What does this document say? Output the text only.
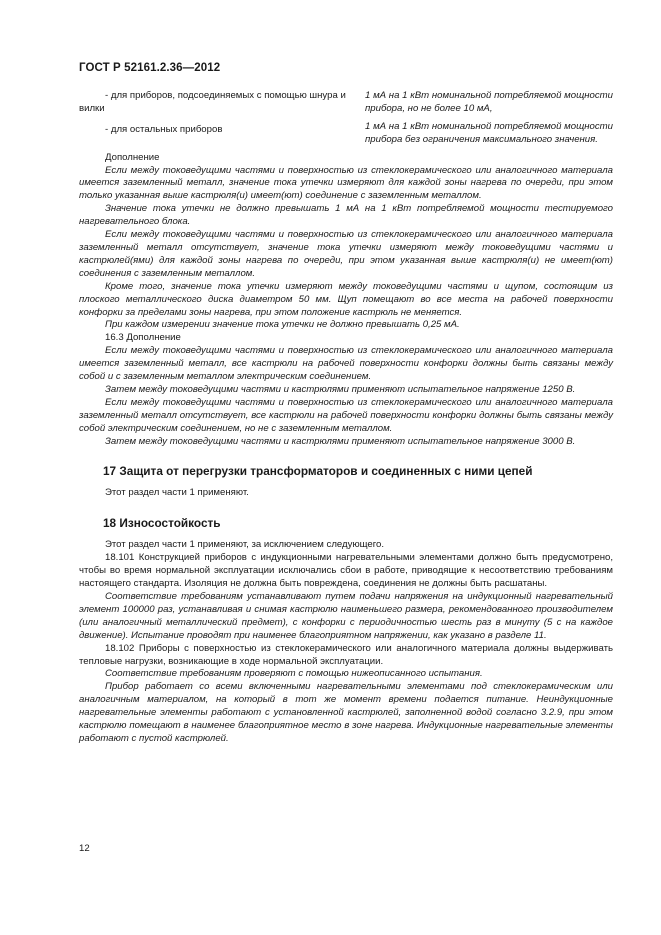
ГОСТ Р 52161.2.36—2012
- для приборов, подсоединяемых с помощью шнура и вилки
- для остальных приборов
1 мА на 1 кВт номинальной потребляемой мощности прибора, но не более 10 мА,
1 мА на 1 кВт номинальной потребляемой мощности прибора без ограничения максимального значения.

Дополнение

Если между токоведущими частями и поверхностью из стеклокерамического или аналогичного материала имеется заземленный металл, значение тока утечки измеряют для каждой зоны нагрева по очереди, при этом только указанная выше кастрюля(и) имеет(ют) соединение с заземленным металлом.

Значение тока утечки не должно превышать 1 мА на 1 кВт потребляемой мощности тестируемого нагревательного блока.

Если между токоведущими частями и поверхностью из стеклокерамического или аналогичного материала заземленный металл отсутствует, значение тока утечки измеряют между токоведущими частями и кастрюлей(ями) для каждой зоны нагрева по очереди, при этом указанная выше кастрюля(и) не имеет(ют) соединения с заземленным металлом.

Кроме того, значение тока утечки измеряют между токоведущими частями и щупом, состоящим из плоского металлического диска диаметром 50 мм. Щуп помещают во все места на рабочей поверхности конфорки за пределами зоны нагрева, при этом положение кастрюль не меняется.

При каждом измерении значение тока утечки не должно превышать 0,25 мА.

16.3 Дополнение

Если между токоведущими частями и поверхностью из стеклокерамического или аналогичного материала имеется заземленный металл, все кастрюли на рабочей поверхности конфорки должны быть связаны между собой и с заземленным металлом электрическим соединением.

Затем между токоведущими частями и кастрюлями применяют испытательное напряжение 1250 В.

Если между токоведущими частями и поверхностью из стеклокерамического или аналогичного материала заземленный металл отсутствует, все кастрюли на рабочей поверхности конфорки должны быть связаны между собой электрическим соединением, но не с заземленным металлом.

Затем между токоведущими частями и кастрюлями применяют испытательное напряжение 3000 В.

17 Защита от перегрузки трансформаторов и соединенных с ними цепей

Этот раздел части 1 применяют.

18 Износостойкость

Этот раздел части 1 применяют, за исключением следующего.

18.101 Конструкцией приборов с индукционными нагревательными элементами должно быть предусмотрено, чтобы во время нормальной эксплуатации исключались сбои в работе, приводящие к несоответствию требованиям настоящего стандарта. Изоляция не должна быть повреждена, соединения не должны быть расшатаны.

Соответствие требованиям устанавливают путем подачи напряжения на индукционный нагревательный элемент 100000 раз, устанавливая и снимая кастрюлю наименьшего размера, рекомендованного производителем (или аналогичный металлический предмет), с конфорки с периодичностью шесть раз в минуту (5 с на каждое движение). Испытание проводят при наименее благоприятном напряжении, как указано в разделе 11.

18.102 Приборы с поверхностью из стеклокерамического или аналогичного материала должны выдерживать тепловые нагрузки, возникающие в ходе нормальной эксплуатации.

Соответствие требованиям проверяют с помощью нижеописанного испытания.

Прибор работает со всеми включенными нагревательными элементами под стеклокерамическим или аналогичным материалом, на который в тот же момент времени подается питание. Неиндукционные нагревательные элементы работают с установленной кастрюлей, заполненной водой согласно 3.2.9, при этом кастрюлю помещают в наименее благоприятное место в зоне нагрева. Индукционные нагревательные элементы работают с пустой кастрюлей.

12
